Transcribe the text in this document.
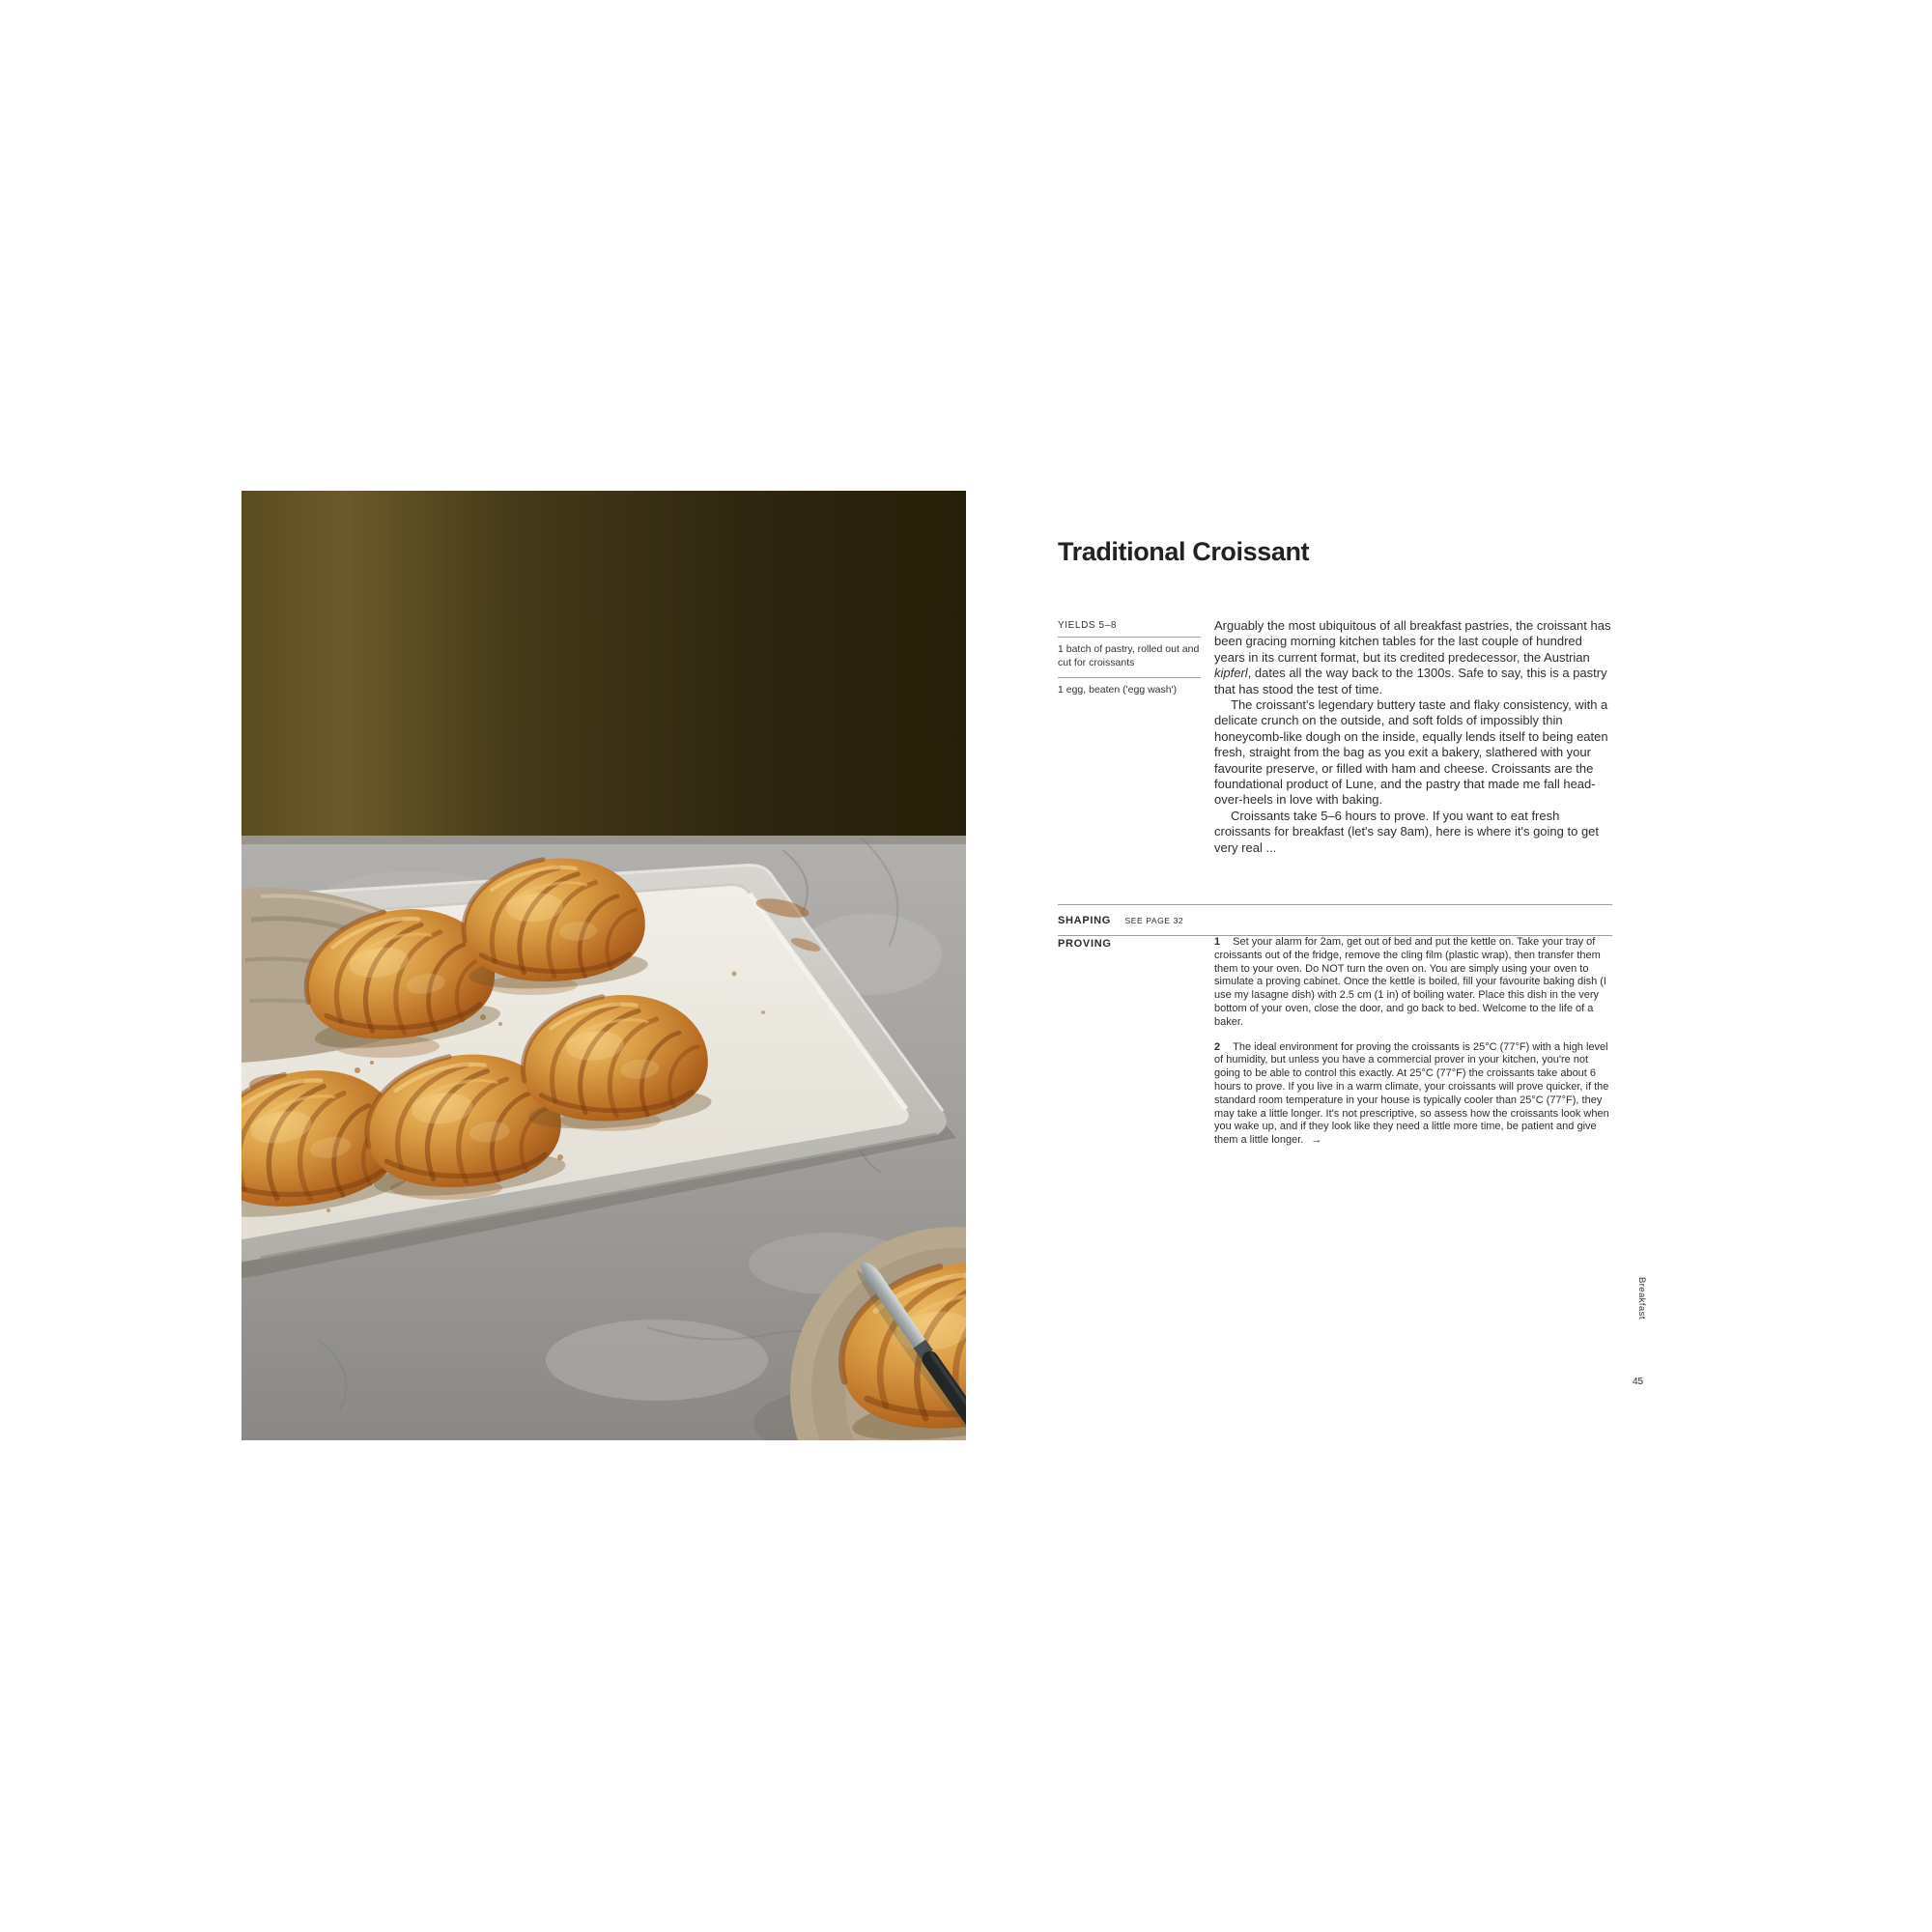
Traditional Croissant
YIELDS 5–8
1 batch of pastry, rolled out and cut for croissants
1 egg, beaten ('egg wash')

Arguably the most ubiquitous of all breakfast pastries, the croissant has been gracing morning kitchen tables for the last couple of hundred years in its current format, but its credited predecessor, the Austrian kipferl, dates all the way back to the 1300s. Safe to say, this is a pastry that has stood the test of time.

The croissant's legendary buttery taste and flaky consistency, with a delicate crunch on the outside, and soft folds of impossibly thin honeycomb-like dough on the inside, equally lends itself to being eaten fresh, straight from the bag as you exit a bakery, slathered with your favourite preserve, or filled with ham and cheese. Croissants are the foundational product of Lune, and the pastry that made me fall head-over-heels in love with baking.

Croissants take 5–6 hours to prove. If you want to eat fresh croissants for breakfast (let's say 8am), here is where it's going to get very real ...

SHAPING SEE PAGE 32
PROVING	1 Set your alarm for 2am, get out of bed and put the kettle on. Take your tray of croissants out of the fridge, remove the cling film (plastic wrap), then transfer them them to your oven. Do NOT turn the oven on. You are simply using your oven to simulate a proving cabinet. Once the kettle is boiled, fill your favourite baking dish (I use my lasagne dish) with 2.5 cm (1 in) of boiling water. Place this dish in the very bottom of your oven, close the door, and go back to bed. Welcome to the life of a baker.

2 The ideal environment for proving the croissants is 25°C (77°F) with a high level of humidity, but unless you have a commercial prover in your kitchen, you're not going to be able to control this exactly. At 25°C (77°F) the croissants take about 6 hours to prove. If you live in a warm climate, your croissants will prove quicker, if the standard room temperature in your house is typically cooler than 25°C (77°F), they may take a little longer. It's not prescriptive, so assess how the croissants look when you wake up, and if they look like they need a little more time, be patient and give them a little longer. →

Breakfast
45
